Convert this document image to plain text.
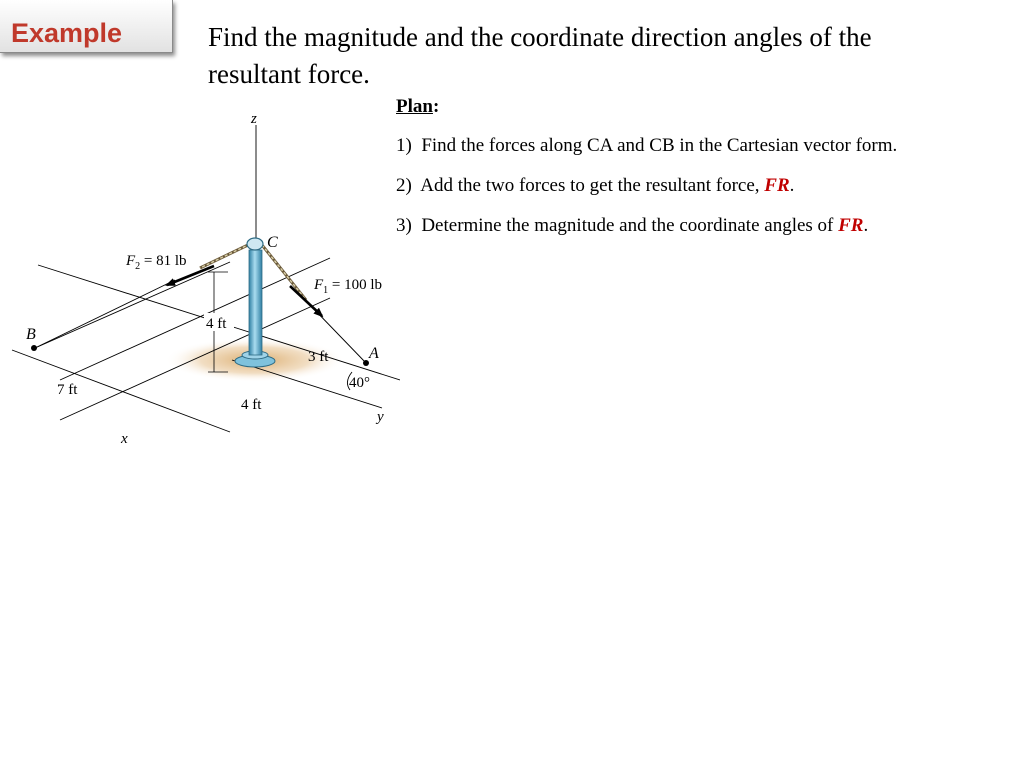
Example	Find the magnitude and the coordinate direction angles of the
resultant force.

Plan:

1) Find the forces along CA and CB in the Cartesian vector form.

2) Add the two forces to get the resultant force, FR.

3) Determine the magnitude and the coordinate angles of FR.

z
x
y
C
B
A
$F_2 = 81$ lb
$F_1 = 100$ lb
4 ft
3 ft
40°
7 ft
4 ft
